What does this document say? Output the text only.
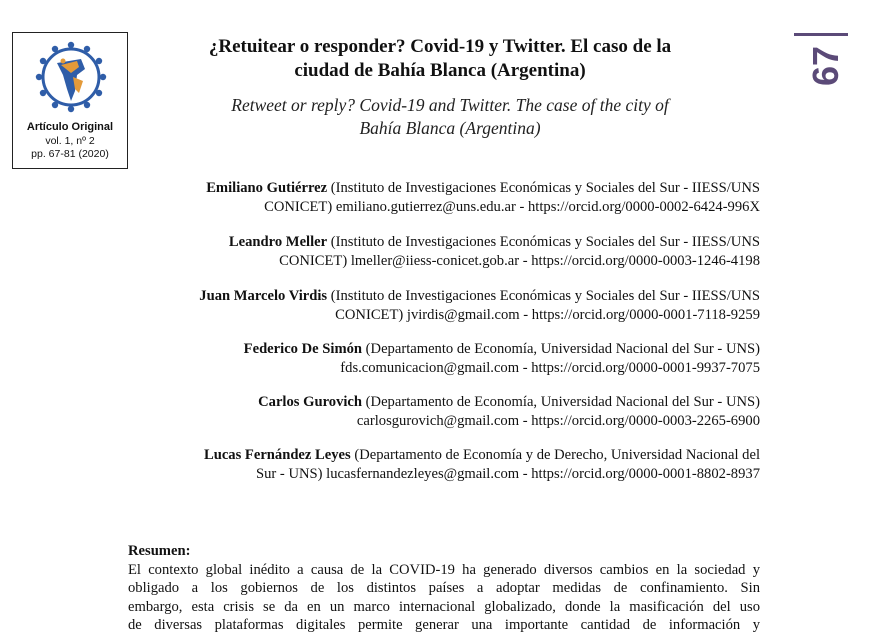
Artículo Original
vol. 1, nº 2
pp. 67-81 (2020)
67
¿Retuitear o responder? Covid-19 y Twitter. El caso de la
ciudad de Bahía Blanca (Argentina)
Retweet or reply? Covid-19 and Twitter. The case of the city of
Bahía Blanca (Argentina)
Emiliano Gutiérrez (Instituto de Investigaciones Económicas y Sociales del Sur - IIESS/UNS
CONICET) emiliano.gutierrez@uns.edu.ar - https://orcid.org/0000-0002-6424-996X
Leandro Meller (Instituto de Investigaciones Económicas y Sociales del Sur - IIESS/UNS
CONICET) lmeller@iiess-conicet.gob.ar - https://orcid.org/0000-0003-1246-4198
Juan Marcelo Virdis (Instituto de Investigaciones Económicas y Sociales del Sur - IIESS/UNS
CONICET) jvirdis@gmail.com - https://orcid.org/0000-0001-7118-9259
Federico De Simón (Departamento de Economía, Universidad Nacional del Sur - UNS)
fds.comunicacion@gmail.com - https://orcid.org/0000-0001-9937-7075
Carlos Gurovich (Departamento de Economía, Universidad Nacional del Sur - UNS)
carlosgurovich@gmail.com - https://orcid.org/0000-0003-2265-6900
Lucas Fernández Leyes (Departamento de Economía y de Derecho, Universidad Nacional del
Sur - UNS) lucasfernandezleyes@gmail.com - https://orcid.org/0000-0001-8802-8937
Resumen:
El contexto global inédito a causa de la COVID-19 ha generado diversos cambios en la sociedad y
obligado a los gobiernos de los distintos países a adoptar medidas de confinamiento. Sin
embargo, esta crisis se da en un marco internacional globalizado, donde la masificación del uso
de diversas plataformas digitales permite generar una importante cantidad de información y
